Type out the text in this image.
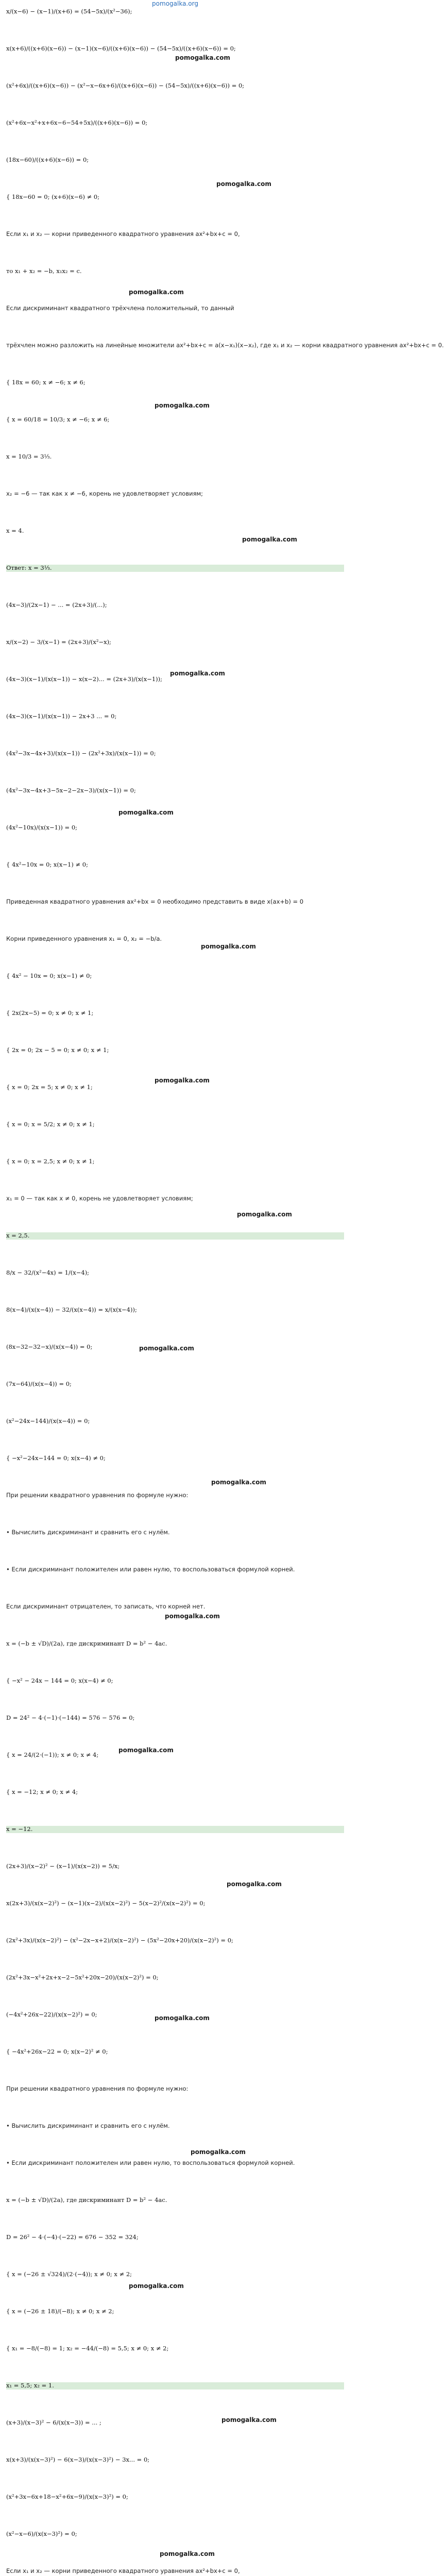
pomogalka.org
x/(x−6) − (x−1)/(x+6) = (54−5x)/(x²−36);
x(x+6)/((x+6)(x−6)) − (x−1)(x−6)/((x+6)(x−6)) − (54−5x)/((x+6)(x−6)) = 0;
(x²+6x)/((x+6)(x−6)) − (x²−x−6x+6)/((x+6)(x−6)) − (54−5x)/((x+6)(x−6)) = 0;
(x²+6x−x²+x+6x−6−54+5x)/((x+6)(x−6)) = 0;
(18x−60)/((x+6)(x−6)) = 0;
{ 18x−60 = 0; (x+6)(x−6) ≠ 0;
Если x₁ и x₂ — корни приведенного квадратного уравнения ax²+bx+c = 0,
то x₁ + x₂ = −b, x₁x₂ = c.
Если дискриминант квадратного трёхчлена положительный, то данный
трёхчлен можно разложить на линейные множители ax²+bx+c = a(x−x₁)(x−x₂), где x₁ и x₂ — корни квадратного уравнения ax²+bx+c = 0.
{ 18x = 60; x ≠ −6; x ≠ 6;
{ x = 60/18 = 10/3; x ≠ −6; x ≠ 6;
x = 10/3 = 3⅓.
x₂ = −6 — так как x ≠ −6, корень не удовлетворяет условиям;
x = 4.
Ответ: x = 3⅓.
(4x−3)/(2x−1) − ... = (2x+3)/(...);
x/(x−2) − 3/(x−1) = (2x+3)/(x²−x);
(4x−3)(x−1)/(x(x−1)) − x(x−2)... = (2x+3)/(x(x−1));
(4x−3)(x−1)/(x(x−1)) − 2x+3 ... = 0;
(4x²−3x−4x+3)/(x(x−1)) − (2x²+3x)/(x(x−1)) = 0;
(4x²−3x−4x+3−5x−2−2x−3)/(x(x−1)) = 0;
(4x²−10x)/(x(x−1)) = 0;
{ 4x²−10x = 0; x(x−1) ≠ 0;
Приведенная квадратного уравнения ax²+bx = 0 необходимо представить в виде x(ax+b) = 0
Корни приведенного уравнения x₁ = 0, x₂ = −b/a.
{ 4x² − 10x = 0; x(x−1) ≠ 0;
{ 2x(2x−5) = 0; x ≠ 0; x ≠ 1;
{ 2x = 0; 2x − 5 = 0; x ≠ 0; x ≠ 1;
{ x = 0; 2x = 5; x ≠ 0; x ≠ 1;
{ x = 0; x = 5/2; x ≠ 0; x ≠ 1;
{ x = 0; x = 2,5; x ≠ 0; x ≠ 1;
x₁ = 0 — так как x ≠ 0, корень не удовлетворяет условиям;
x = 2,5.
8/x − 32/(x²−4x) = 1/(x−4);
8(x−4)/(x(x−4)) − 32/(x(x−4)) = x/(x(x−4));
(8x−32−32−x)/(x(x−4)) = 0;
(7x−64)/(x(x−4)) = 0;
(x²−24x−144)/(x(x−4)) = 0;
{ −x²−24x−144 = 0; x(x−4) ≠ 0;
При решении квадратного уравнения по формуле нужно:
• Вычислить дискриминант и сравнить его с нулём.
• Если дискриминант положителен или равен нулю, то воспользоваться формулой корней.
Если дискриминант отрицателен, то записать, что корней нет.
x = (−b ± √D)/(2a), где дискриминант D = b² − 4ac.
{ −x² − 24x − 144 = 0; x(x−4) ≠ 0;
D = 24² − 4·(−1)·(−144) = 576 − 576 = 0;
{ x = 24/(2·(−1)); x ≠ 0; x ≠ 4;
{ x = −12; x ≠ 0; x ≠ 4;
x = −12.
(2x+3)/(x−2)² − (x−1)/(x(x−2)) = 5/x;
x(2x+3)/(x(x−2)²) − (x−1)(x−2)/(x(x−2)²) − 5(x−2)²/(x(x−2)²) = 0;
(2x²+3x)/(x(x−2)²) − (x²−2x−x+2)/(x(x−2)²) − (5x²−20x+20)/(x(x−2)²) = 0;
(2x²+3x−x²+2x+x−2−5x²+20x−20)/(x(x−2)²) = 0;
(−4x²+26x−22)/(x(x−2)²) = 0;
{ −4x²+26x−22 = 0; x(x−2)² ≠ 0;
При решении квадратного уравнения по формуле нужно:
• Вычислить дискриминант и сравнить его с нулём.
• Если дискриминант положителен или равен нулю, то воспользоваться формулой корней.
x = (−b ± √D)/(2a), где дискриминант D = b² − 4ac.
D = 26² − 4·(−4)·(−22) = 676 − 352 = 324;
{ x = (−26 ± √324)/(2·(−4)); x ≠ 0; x ≠ 2;
{ x = (−26 ± 18)/(−8); x ≠ 0; x ≠ 2;
{ x₁ = −8/(−8) = 1; x₂ = −44/(−8) = 5,5; x ≠ 0; x ≠ 2;
x₁ = 5,5; x₂ = 1.
(x+3)/(x−3)² − 6/(x(x−3)) = ... ;
x(x+3)/(x(x−3)²) − 6(x−3)/(x(x−3)²) − 3x... = 0;
(x²+3x−6x+18−x²+6x−9)/(x(x−3)²) = 0;
(x²−x−6)/(x(x−3)²) = 0;
Если x₁ и x₂ — корни приведенного квадратного уравнения ax²+bx+c = 0,
pomogalka.com
pomogalka.com
pomogalka.com
pomogalka.com
pomogalka.com
pomogalka.com
pomogalka.com
pomogalka.com
pomogalka.com
pomogalka.com
pomogalka.com
pomogalka.com
pomogalka.com
pomogalka.com
pomogalka.com
pomogalka.com
pomogalka.com
pomogalka.com
pomogalka.com
pomogalka.com
